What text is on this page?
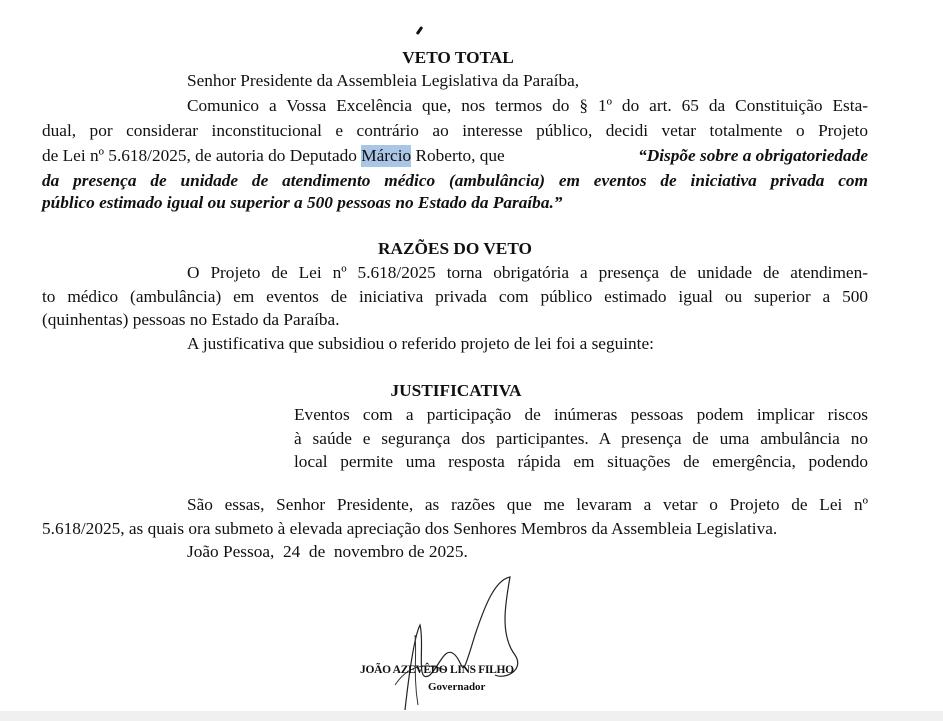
VETO TOTAL
Senhor Presidente da Assembleia Legislativa da Paraíba,
Comunico a Vossa Excelência que, nos termos do § 1º do art. 65 da Constituição Esta-
dual, por considerar inconstitucional e contrário ao interesse público, decidi vetar totalmente o Projeto
de Lei nº 5.618/2025, de autoria do Deputado Márcio Roberto, que	“Dispõe sobre a obrigatoriedade
da presença de unidade de atendimento médico (ambulância) em eventos de iniciativa privada com
público estimado igual ou superior a 500 pessoas no Estado da Paraíba.”
RAZÕES DO VETO
O Projeto de Lei nº 5.618/2025 torna obrigatória a presença de unidade de atendimen-
to médico (ambulância) em eventos de iniciativa privada com público estimado igual ou superior a 500
(quinhentas) pessoas no Estado da Paraíba.
A justificativa que subsidiou o referido projeto de lei foi a seguinte:
JUSTIFICATIVA
Eventos com a participação de inúmeras pessoas podem implicar riscos
à saúde e segurança dos participantes. A presença de uma ambulância no
local permite uma resposta rápida em situações de emergência, podendo
São essas, Senhor Presidente, as razões que me levaram a vetar o Projeto de Lei nº
5.618/2025, as quais ora submeto à elevada apreciação dos Senhores Membros da Assembleia Legislativa.
João Pessoa,  24  de  novembro de 2025.
JOÃO AZEVÊDO LINS FILHO
Governador
